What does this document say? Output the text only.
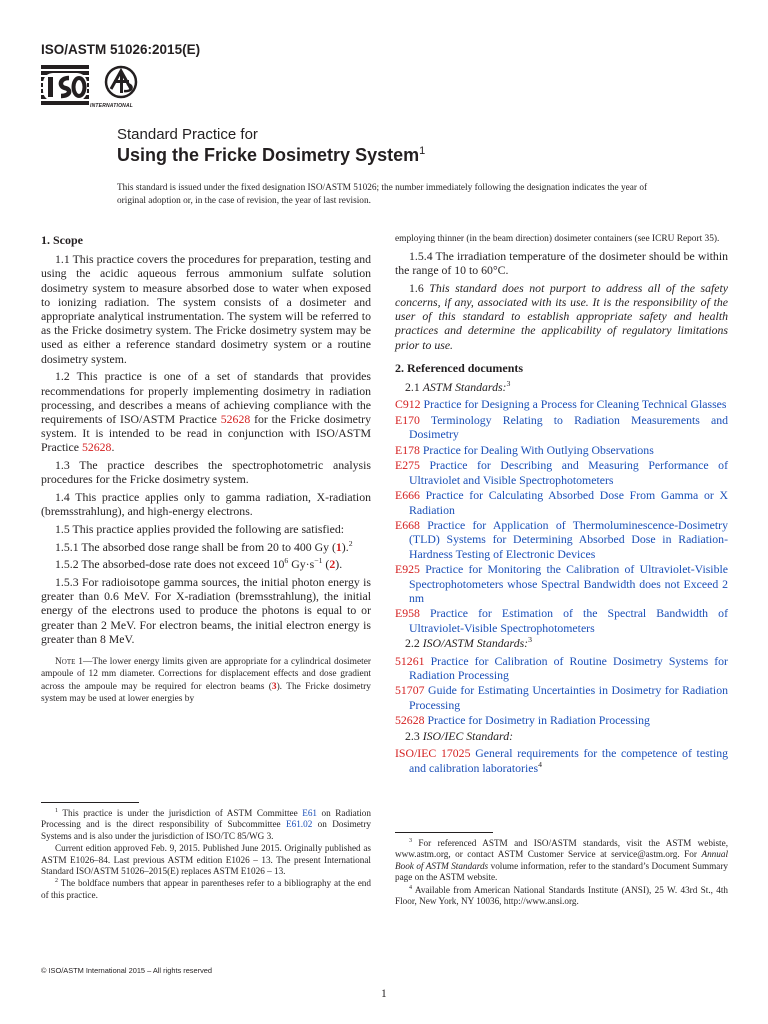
ISO/ASTM 51026:2015(E)
INTERNATIONAL
Standard Practice for
Using the Fricke Dosimetry System$^1$
This standard is issued under the fixed designation ISO/ASTM 51026; the number immediately following the designation indicates the year of original adoption or, in the case of revision, the year of last revision.

1. Scope

1.1 This practice covers the procedures for preparation, testing and using the acidic aqueous ferrous ammonium sulfate solution dosimetry system to measure absorbed dose to water when exposed to ionizing radiation. The system consists of a dosimeter and appropriate analytical instrumentation. The system will be referred to as the Fricke dosimetry system. The Fricke dosimetry system may be used as either a reference standard dosimetry system or a routine dosimetry system.

1.2 This practice is one of a set of standards that provides recommendations for properly implementing dosimetry in radiation processing, and describes a means of achieving compliance with the requirements of ISO/ASTM Practice 52628 for the Fricke dosimetry system. It is intended to be read in conjunction with ISO/ASTM Practice 52628.

1.3 The practice describes the spectrophotometric analysis procedures for the Fricke dosimetry system.

1.4 This practice applies only to gamma radiation, X-radiation (bremsstrahlung), and high-energy electrons.

1.5 This practice applies provided the following are satisfied:

1.5.1 The absorbed dose range shall be from 20 to 400 Gy (1).$^2$

1.5.2 The absorbed-dose rate does not exceed $10^6$ $Gy\cdot s^{-1}$ (2).

1.5.3 For radioisotope gamma sources, the initial photon energy is greater than 0.6 MeV. For X-radiation (bremsstrahlung), the initial energy of the electrons used to produce the photons is equal to or greater than 2 MeV. For electron beams, the initial electron energy is greater than 8 MeV.

Note 1—The lower energy limits given are appropriate for a cylindrical dosimeter ampoule of 12 mm diameter. Corrections for displacement effects and dose gradient across the ampoule may be required for electron beams (3). The Fricke dosimetry system may be used at lower energies by

$^1$ This practice is under the jurisdiction of ASTM Committee E61 on Radiation Processing and is the direct responsibility of Subcommittee E61.02 on Dosimetry Systems and is also under the jurisdiction of ISO/TC 85/WG 3.

Current edition approved Feb. 9, 2015. Published June 2015. Originally published as ASTM E1026–84. Last previous ASTM edition E1026 – 13. The present International Standard ISO/ASTM 51026–2015(E) replaces ASTM E1026 – 13.

$^2$ The boldface numbers that appear in parentheses refer to a bibliography at the end of this practice.

employing thinner (in the beam direction) dosimeter containers (see ICRU Report 35).

1.5.4 The irradiation temperature of the dosimeter should be within the range of 10 to 60°C.

1.6 This standard does not purport to address all of the safety concerns, if any, associated with its use. It is the responsibility of the user of this standard to establish appropriate safety and health practices and determine the applicability of regulatory limitations prior to use.

2. Referenced documents

2.1 ASTM Standards:$^3$

C912 Practice for Designing a Process for Cleaning Technical Glasses

E170 Terminology Relating to Radiation Measurements and Dosimetry

E178 Practice for Dealing With Outlying Observations

E275 Practice for Describing and Measuring Performance of Ultraviolet and Visible Spectrophotometers

E666 Practice for Calculating Absorbed Dose From Gamma or X Radiation

E668 Practice for Application of Thermoluminescence-Dosimetry (TLD) Systems for Determining Absorbed Dose in Radiation-Hardness Testing of Electronic Devices

E925 Practice for Monitoring the Calibration of Ultraviolet-Visible Spectrophotometers whose Spectral Bandwidth does not Exceed 2 nm

E958 Practice for Estimation of the Spectral Bandwidth of Ultraviolet-Visible Spectrophotometers

2.2 ISO/ASTM Standards:$^3$

51261 Practice for Calibration of Routine Dosimetry Systems for Radiation Processing

51707 Guide for Estimating Uncertainties in Dosimetry for Radiation Processing

52628 Practice for Dosimetry in Radiation Processing

2.3 ISO/IEC Standard:

ISO/IEC 17025 General requirements for the competence of testing and calibration laboratories$^4$

$^3$ For referenced ASTM and ISO/ASTM standards, visit the ASTM webiste, www.astm.org, or contact ASTM Customer Service at service@astm.org. For Annual Book of ASTM Standards volume information, refer to the standard’s Document Summary page on the ASTM website.

$^4$ Available from American National Standards Institute (ANSI), 25 W. 43rd St., 4th Floor, New York, NY 10036, http://www.ansi.org.

© ISO/ASTM International 2015 – All rights reserved
1
